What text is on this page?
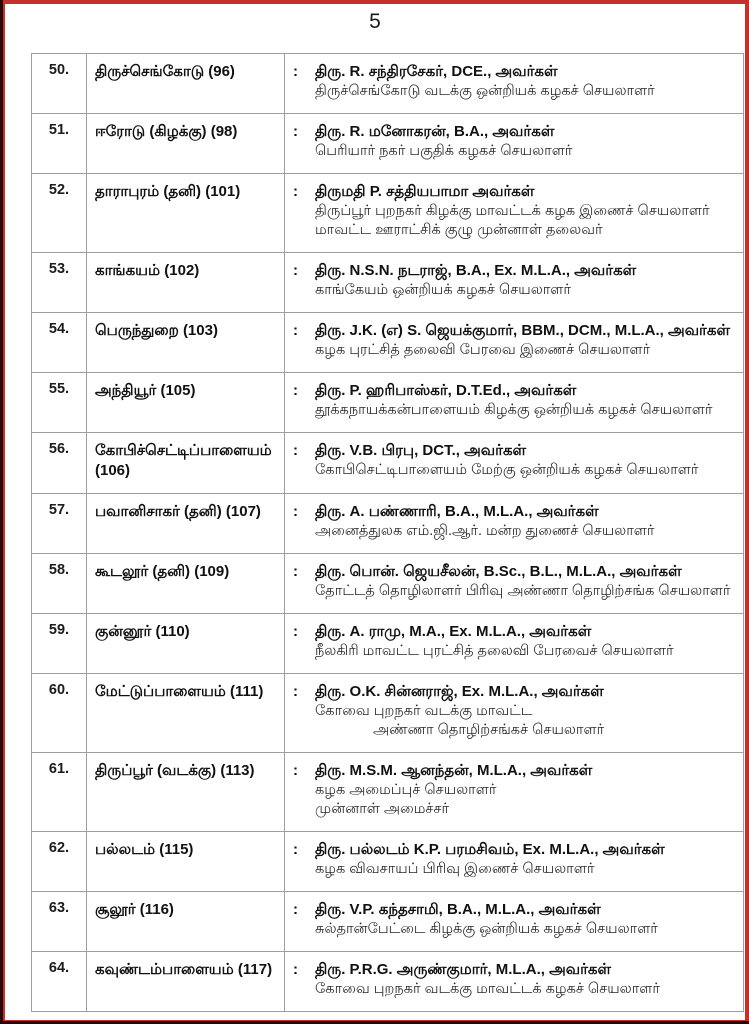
5
50.	திருச்செங்கோடு (96)	: திரு. R. சந்திரசேகர், DCE., அவர்கள்
திருச்செங்கோடு வடக்கு ஒன்றியக் கழகச் செயலாளர்

51.	ஈரோடு (கிழக்கு) (98)	: திரு. R. மனோகரன், B.A., அவர்கள்
பெரியார் நகர் பகுதிக் கழகச் செயலாளர்

52.	தாராபுரம் (தனி) (101)	: திருமதி P. சத்தியபாமா அவர்கள்
திருப்பூர் புறநகர் கிழக்கு மாவட்டக் கழக இணைச் செயலாளர்
மாவட்ட ஊராட்சிக் குழு முன்னாள் தலைவர்

53.	காங்கயம் (102)	: திரு. N.S.N. நடராஜ், B.A., Ex. M.L.A., அவர்கள்
காங்கேயம் ஒன்றியக் கழகச் செயலாளர்

54.	பெருந்துறை (103)	: திரு. J.K. (எ) S. ஜெயக்குமார், BBM., DCM., M.L.A., அவர்கள்
கழக புரட்சித் தலைவி பேரவை இணைச் செயலாளர்

55.	அந்தியூர் (105)	: திரு. P. ஹரிபாஸ்கர், D.T.Ed., அவர்கள்
தூக்கநாயக்கன்பாளையம் கிழக்கு ஒன்றியக் கழகச் செயலாளர்

56.	கோபிச்செட்டிப்பாளையம் (106)	: திரு. V.B. பிரபு, DCT., அவர்கள்
கோபிசெட்டிபாளையம் மேற்கு ஒன்றியக் கழகச் செயலாளர்

57.	பவானிசாகர் (தனி) (107)	: திரு. A. பண்ணாரி, B.A., M.L.A., அவர்கள்
அனைத்துலக எம்.ஜி.ஆர். மன்ற துணைச் செயலாளர்

58.	கூடலூர் (தனி) (109)	: திரு. பொன். ஜெயசீலன், B.Sc., B.L., M.L.A., அவர்கள்
தோட்டத் தொழிலாளர் பிரிவு அண்ணா தொழிற்சங்க செயலாளர்

59.	குன்னூர் (110)	: திரு. A. ராமு, M.A., Ex. M.L.A., அவர்கள்
நீலகிரி மாவட்ட புரட்சித் தலைவி பேரவைச் செயலாளர்

60.	மேட்டுப்பாளையம் (111)	: திரு. O.K. சின்னராஜ், Ex. M.L.A., அவர்கள்
கோவை புறநகர் வடக்கு மாவட்ட
அண்ணா தொழிற்சங்கச் செயலாளர்

61.	திருப்பூர் (வடக்கு) (113)	: திரு. M.S.M. ஆனந்தன், M.L.A., அவர்கள்
கழக அமைப்புச் செயலாளர்
முன்னாள் அமைச்சர்

62.	பல்லடம் (115)	: திரு. பல்லடம் K.P. பரமசிவம், Ex. M.L.A., அவர்கள்
கழக விவசாயப் பிரிவு இணைச் செயலாளர்

63.	சூலூர் (116)	: திரு. V.P. கந்தசாமி, B.A., M.L.A., அவர்கள்
சுல்தான்பேட்டை கிழக்கு ஒன்றியக் கழகச் செயலாளர்

64.	கவுண்டம்பாளையம் (117)	: திரு. P.R.G. அருண்குமார், M.L.A., அவர்கள்
கோவை புறநகர் வடக்கு மாவட்டக் கழகச் செயலாளர்
